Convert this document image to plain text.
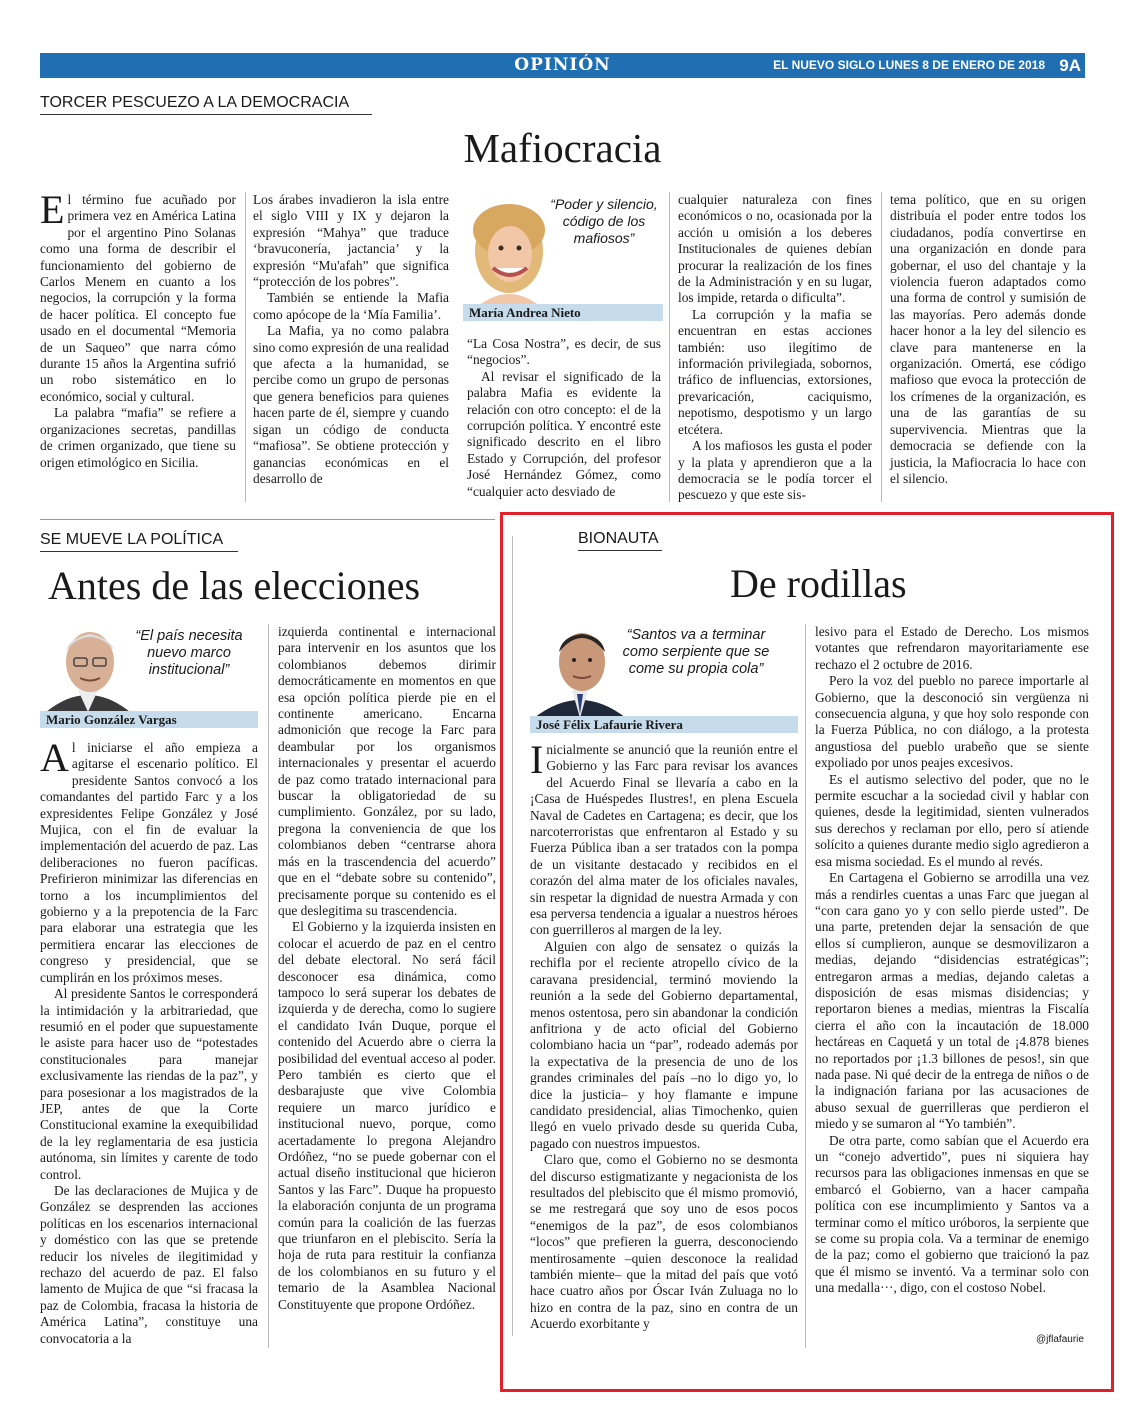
OPINIÓN	EL NUEVO SIGLO LUNES 8 DE ENERO DE 2018 9A
TORCER PESCUEZO A LA DEMOCRACIA
Mafiocracia

El término fue acuñado por primera vez en América Latina por el argentino Pino Solanas como una forma de describir el funcionamiento del gobierno de Carlos Menem en cuanto a los negocios, la corrupción y la forma de hacer política. El concepto fue usado en el documental “Memoria de un Saqueo” que narra cómo durante 15 años la Argentina sufrió un robo sistemático en lo económico, social y cultural.

La palabra “mafia” se refiere a organizaciones secretas, pandillas de crimen organizado, que tiene su origen etimológico en Sicilia.

Los árabes invadieron la isla entre el siglo VIII y IX y dejaron la expresión “Mahya” que traduce ‘bravuconería, jactancia’ y la expresión “Mu'afah” que significa “protección de los pobres”.

También se entiende la Mafia como apócope de la ‘Mía Familia’.

La Mafia, ya no como palabra sino como expresión de una realidad que afecta a la humanidad, se percibe como un grupo de personas que genera beneficios para quienes hacen parte de él, siempre y cuando sigan un código de conducta “mafiosa”. Se obtiene protección y ganancias económicas en el desarrollo de

“Poder y silencio, código de los mafiosos”
María Andrea Nieto

“La Cosa Nostra”, es decir, de sus “negocios”.

Al revisar el significado de la palabra Mafia es evidente la relación con otro concepto: el de la corrupción política. Y encontré este significado descrito en el libro Estado y Corrupción, del profesor José Hernández Gómez, como “cualquier acto desviado de

cualquier naturaleza con fines económicos o no, ocasionada por la acción u omisión a los deberes Institucionales de quienes debían procurar la realización de los fines de la Administración y en su lugar, los impide, retarda o dificulta”.

La corrupción y la mafia se encuentran en estas acciones también: uso ilegítimo de información privilegiada, sobornos, tráfico de influencias, extorsiones, prevaricación, caciquismo, nepotismo, despotismo y un largo etcétera.

A los mafiosos les gusta el poder y la plata y aprendieron que a la democracia se le podía torcer el pescuezo y que este sis-

tema político, que en su origen distribuía el poder entre todos los ciudadanos, podía convertirse en una organización en donde para gobernar, el uso del chantaje y la violencia fueron adaptados como una forma de control y sumisión de las mayorías. Pero además donde hacer honor a la ley del silencio es clave para mantenerse en la organización. Omertá, ese código mafioso que evoca la protección de los crímenes de la organización, es una de las garantías de su supervivencia. Mientras que la democracia se defiende con la justicia, la Mafiocracia lo hace con el silencio.

SE MUEVE LA POLÍTICA
Antes de las elecciones
“El país necesita nuevo marco institucional”
Mario González Vargas

Al iniciarse el año empieza a agitarse el escenario político. El presidente Santos convocó a los comandantes del partido Farc y a los expresidentes Felipe González y José Mujica, con el fin de evaluar la implementación del acuerdo de paz. Las deliberaciones no fueron pacíficas. Prefirieron minimizar las diferencias en torno a los incumplimientos del gobierno y a la prepotencia de la Farc para elaborar una estrategia que les permitiera encarar las elecciones de congreso y presidencial, que se cumplirán en los próximos meses.

Al presidente Santos le corresponderá la intimidación y la arbitrariedad, que resumió en el poder que supuestamente le asiste para hacer uso de “potestades constitucionales para manejar exclusivamente las riendas de la paz”, y para posesionar a los magistrados de la JEP, antes de que la Corte Constitucional examine la exequibilidad de la ley reglamentaria de esa justicia autónoma, sin límites y carente de todo control.

De las declaraciones de Mujica y de González se desprenden las acciones políticas en los escenarios internacional y doméstico con las que se pretende reducir los niveles de ilegitimidad y rechazo del acuerdo de paz. El falso lamento de Mujica de que “si fracasa la paz de Colombia, fracasa la historia de América Latina”, constituye una convocatoria a la

izquierda continental e internacional para intervenir en los asuntos que los colombianos debemos dirimir democráticamente en momentos en que esa opción política pierde pie en el continente americano. Encarna admonición que recoge la Farc para deambular por los organismos internacionales y presentar el acuerdo de paz como tratado internacional para buscar la obligatoriedad de su cumplimiento. González, por su lado, pregona la conveniencia de que los colombianos deben “centrarse ahora más en la trascendencia del acuerdo” que en el “debate sobre su contenido”, precisamente porque su contenido es el que deslegitima su trascendencia.

El Gobierno y la izquierda insisten en colocar el acuerdo de paz en el centro del debate electoral. No será fácil desconocer esa dinámica, como tampoco lo será superar los debates de izquierda y de derecha, como lo sugiere el candidato Iván Duque, porque el contenido del Acuerdo abre o cierra la posibilidad del eventual acceso al poder. Pero también es cierto que el desbarajuste que vive Colombia requiere un marco jurídico e institucional nuevo, porque, como acertadamente lo pregona Alejandro Ordóñez, “no se puede gobernar con el actual diseño institucional que hicieron Santos y las Farc”. Duque ha propuesto la elaboración conjunta de un programa común para la coalición de las fuerzas que triunfaron en el plebiscito. Sería la hoja de ruta para restituir la confianza de los colombianos en su futuro y el temario de la Asamblea Nacional Constituyente que propone Ordóñez.

BIONAUTA
De rodillas
“Santos va a terminar como serpiente que se come su propia cola”
José Félix Lafaurie Rivera

Inicialmente se anunció que la reunión entre el Gobierno y las Farc para revisar los avances del Acuerdo Final se llevaría a cabo en la ¡Casa de Huéspedes Ilustres!, en plena Escuela Naval de Cadetes en Cartagena; es decir, que los narcoterroristas que enfrentaron al Estado y su Fuerza Pública iban a ser tratados con la pompa de un visitante destacado y recibidos en el corazón del alma mater de los oficiales navales, sin respetar la dignidad de nuestra Armada y con esa perversa tendencia a igualar a nuestros héroes con guerrilleros al margen de la ley.

Alguien con algo de sensatez o quizás la rechifla por el reciente atropello cívico de la caravana presidencial, terminó moviendo la reunión a la sede del Gobierno departamental, menos ostentosa, pero sin abandonar la condición anfitriona y de acto oficial del Gobierno colombiano hacia un “par”, rodeado además por la expectativa de la presencia de uno de los grandes criminales del país –no lo digo yo, lo dice la justicia– y hoy flamante e impune candidato presidencial, alias Timochenko, quien llegó en vuelo privado desde su querida Cuba, pagado con nuestros impuestos.

Claro que, como el Gobierno no se desmonta del discurso estigmatizante y negacionista de los resultados del plebiscito que él mismo promovió, se me restregará que soy uno de esos pocos “enemigos de la paz”, de esos colombianos “locos” que prefieren la guerra, desconociendo mentirosamente –quien desconoce la realidad también miente– que la mitad del país que votó hace cuatro años por Óscar Iván Zuluaga no lo hizo en contra de la paz, sino en contra de un Acuerdo exorbitante y

lesivo para el Estado de Derecho. Los mismos votantes que refrendaron mayoritariamente ese rechazo el 2 octubre de 2016.

Pero la voz del pueblo no parece importarle al Gobierno, que la desconoció sin vergüenza ni consecuencia alguna, y que hoy solo responde con la Fuerza Pública, no con diálogo, a la protesta angustiosa del pueblo urabeño que se siente expoliado por unos peajes excesivos.

Es el autismo selectivo del poder, que no le permite escuchar a la sociedad civil y hablar con quienes, desde la legitimidad, sienten vulnerados sus derechos y reclaman por ello, pero sí atiende solícito a quienes durante medio siglo agredieron a esa misma sociedad. Es el mundo al revés.

En Cartagena el Gobierno se arrodilla una vez más a rendirles cuentas a unas Farc que juegan al “con cara gano yo y con sello pierde usted”. De una parte, pretenden dejar la sensación de que ellos sí cumplieron, aunque se desmovilizaron a medias, dejando “disidencias estratégicas”; entregaron armas a medias, dejando caletas a disposición de esas mismas disidencias; y reportaron bienes a medias, mientras la Fiscalía cierra el año con la incautación de 18.000 hectáreas en Caquetá y un total de ¡4.878 bienes no reportados por ¡1.3 billones de pesos!, sin que nada pase. Ni qué decir de la entrega de niños o de la indignación fariana por las acusaciones de abuso sexual de guerrilleras que perdieron el miedo y se sumaron al “Yo también”.

De otra parte, como sabían que el Acuerdo era un “conejo advertido”, pues ni siquiera hay recursos para las obligaciones inmensas en que se embarcó el Gobierno, van a hacer campaña política con ese incumplimiento y Santos va a terminar como el mítico uróboros, la serpiente que se come su propia cola. Va a terminar de enemigo de la paz; como el gobierno que traicionó la paz que él mismo se inventó. Va a terminar solo con una medalla···, digo, con el costoso Nobel.

@jflafaurie
